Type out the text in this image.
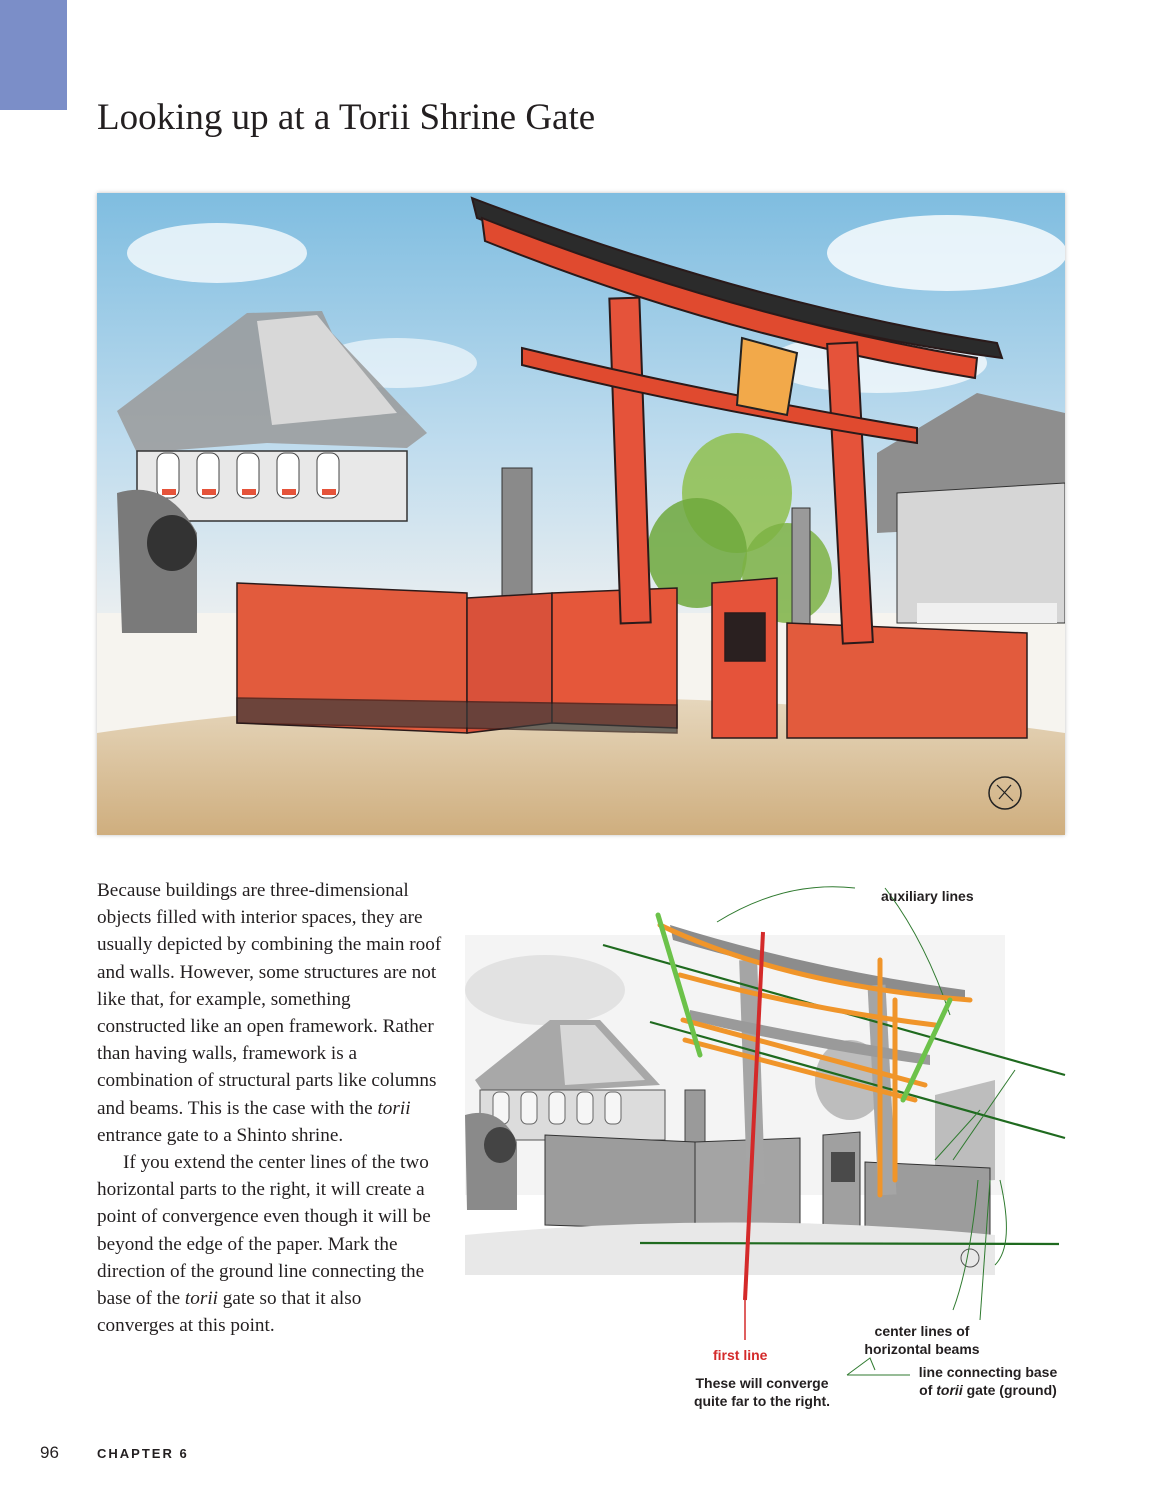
Looking up at a Torii Shrine Gate

Because buildings are three-dimensional objects filled with interior spaces, they are usually depicted by combining the main roof and walls. However, some structures are not like that, for example, something constructed like an open framework. Rather than having walls, framework is a combination of structural parts like columns and beams. This is the case with the torii entrance gate to a Shinto shrine.

If you extend the center lines of the two horizontal parts to the right, it will create a point of convergence even though it will be beyond the edge of the paper. Mark the direction of the ground line connecting the base of the torii gate so that it also converges at this point.

auxiliary lines
first line
center lines of
horizontal beams
These will converge
quite far to the right.
line connecting base
of torii gate (ground)
96	CHAPTER 6
